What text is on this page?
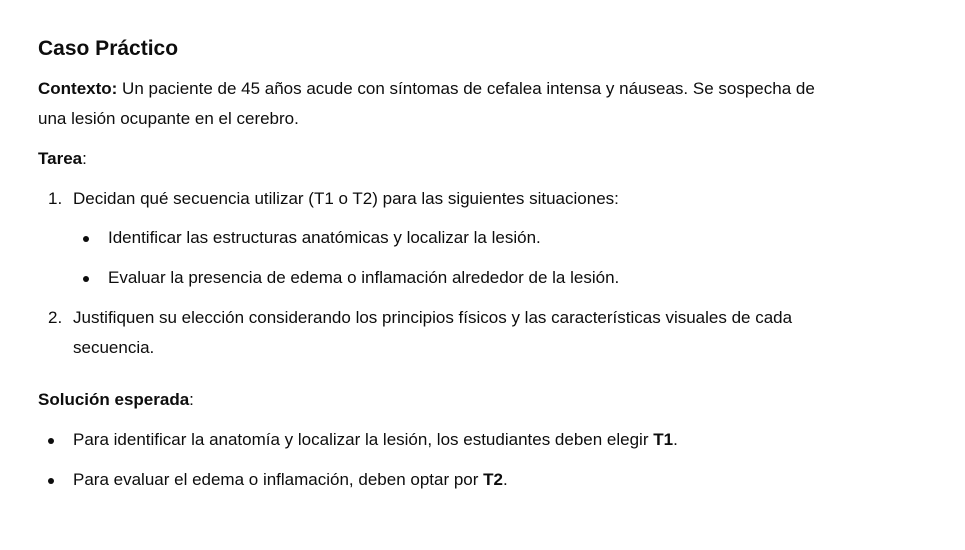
Caso Práctico

Contexto: Un paciente de 45 años acude con síntomas de cefalea intensa y náuseas. Se sospecha de una lesión ocupante en el cerebro.

Tarea:

1. Decidan qué secuencia utilizar (T1 o T2) para las siguientes situaciones:
Identificar las estructuras anatómicas y localizar la lesión.
Evaluar la presencia de edema o inflamación alrededor de la lesión.
2. Justifiquen su elección considerando los principios físicos y las características visuales de cada secuencia.

Solución esperada:

Para identificar la anatomía y localizar la lesión, los estudiantes deben elegir T1.
Para evaluar el edema o inflamación, deben optar por T2.
